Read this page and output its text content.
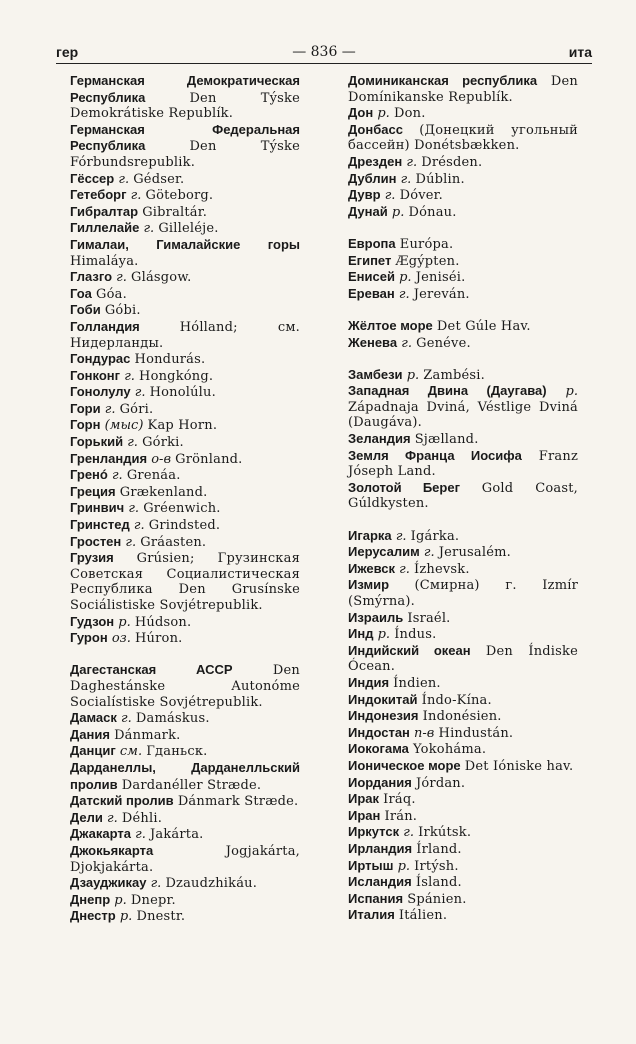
гер	— 836 —	ита

Германская Демократическая Республика	Den Týske Demokrátiske Republík.

Германская Федеральная Республика	Den Týske Fórbundsrepublik.

Гёссер г. Gédser.

Гетеборг г. Göteborg.

Гибралтар Gibraltár.

Гиллелайе г. Gilleléje.

Гималаи, Гималайские горы Himaláya.

Глазго г. Glásgow.

Гоа Góa.

Гоби Góbi.

Голландия	Hólland; см. Нидерланды.

Гондурас Hondurás.

Гонконг г. Hongkóng.

Гонолулу г. Honolúlu.

Гори г. Góri.

Горн (мыс) Kap Horn.

Горький г. Górki.

Гренландия о-в Grönland.

Гренó г. Grenáa.

Греция Grækenland.

Гринвич г. Gréenwich.

Гринстед г. Grindsted.

Гростен г. Gráasten.

Грузия Grúsien; Грузинская Советская Социалистическая Республика Den Grusínske Sociálistiske Sovjétrepublik.

Гудзон р. Húdson.

Гурон оз. Húron.

Дагестанская АССР	Den Daghestánske Autonóme Socialístiske Sovjétrepublik.

Дамаск г. Damáskus.

Дания Dánmark.

Данциг см. Гданьск.

Дарданеллы, Дарданелльский пролив Dardanéller Stræde.

Датский пролив Dánmark Stræde.

Дели г. Déhli.

Джакарта г. Jakárta.

Джокьякарта	Jogjakárta, Djokjakárta.

Дзауджикау г. Dzaudzhikáu.

Днепр р. Dnepr.

Днестр р. Dnestr.

Доминиканская республика Den Domínikanske Republík.

Дон р. Don.

Донбасс (Донецкий угольный бассейн) Donétsbækken.

Дрезден г. Drésden.

Дублин г. Dúblin.

Дувр г. Dóver.

Дунай р. Dónau.

Европа Európa.

Египет Ægýpten.

Енисей р. Jeniséi.

Ереван г. Jereván.

Жёлтое море Det Gúle Hav.

Женева г. Genéve.

Замбези р. Zambési.

Западная Двина (Даугава) р. Západnaja Dviná, Véstlige Dviná (Daugáva).

Зеландия Sjælland.

Земля Франца Иосифа Franz Jóseph Land.

Золотой Берег Gold Coast, Gúldkysten.

Игарка г. Igárka.

Иерусалим г. Jerusalém.

Ижевск г. Ízhevsk.

Измир (Смирна) г. Izmír (Smýrna).

Израиль Israél.

Инд р. Índus.

Индийский океан Den Índiske Ócean.

Индия Índien.

Индокитай Índo-Kína.

Индонезия Indonésien.

Индостан п-в Hindustán.

Иокогама Yokoháma.

Ионическое море Det Ióniske hav.

Иордания Jórdan.

Ирак Iráq.

Иран Irán.

Иркутск г. Irkútsk.

Ирландия Írland.

Иртыш р. Irtýsh.

Исландия Ísland.

Испания Spánien.

Италия Itálien.
